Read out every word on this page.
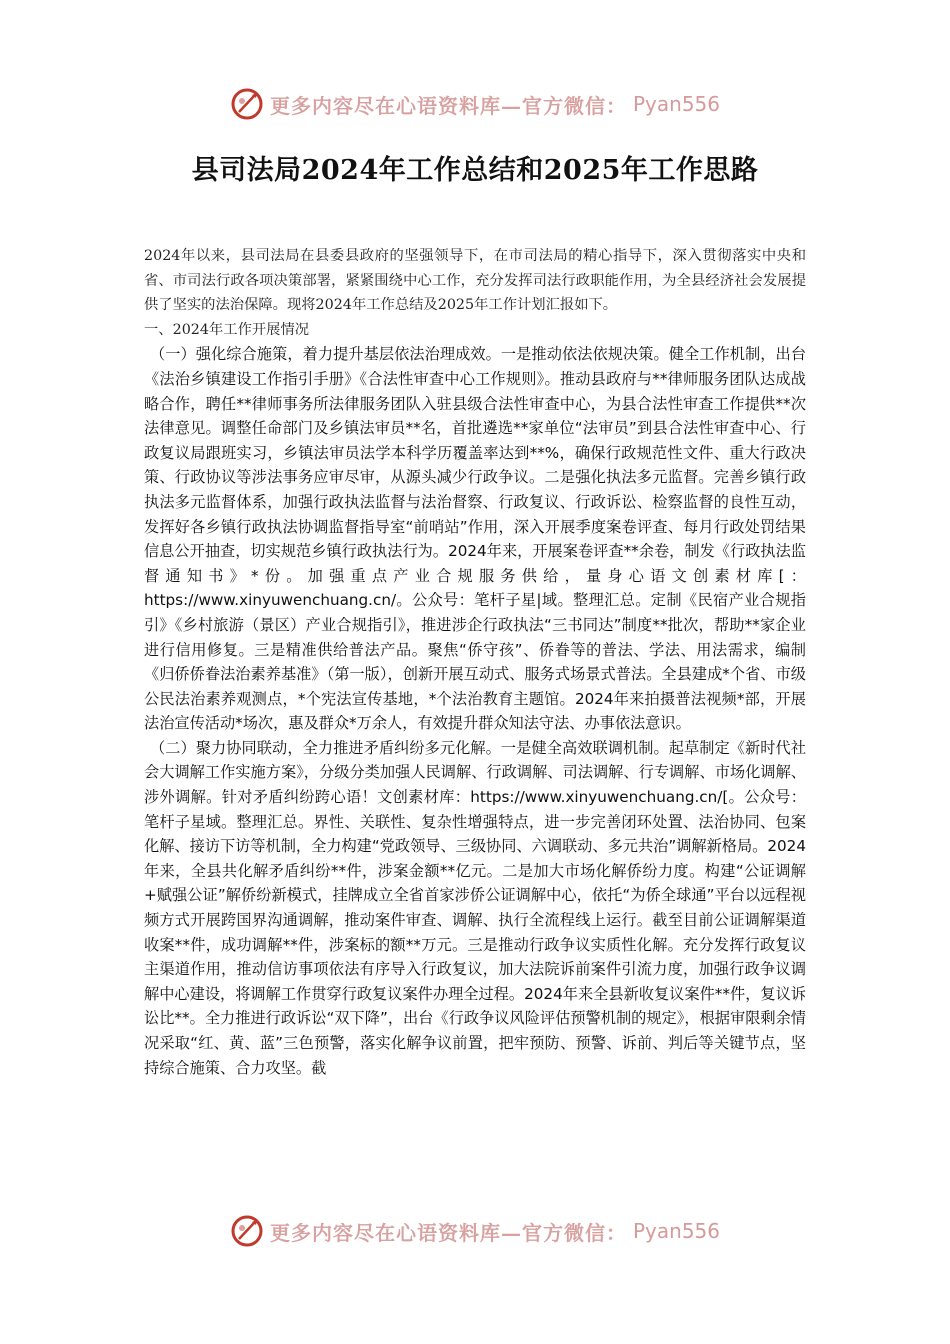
更多内容尽在心语资料库—官方微信： Pyan556
县司法局2024年工作总结和2025年工作思路

2024年以来，县司法局在县委县政府的坚强领导下，在市司法局的精心指导下，深入贯彻落实中央和省、市司法行政各项决策部署，紧紧围绕中心工作，充分发挥司法行政职能作用，为全县经济社会发展提供了坚实的法治保障。现将2024年工作总结及2025年工作计划汇报如下。

一、2024年工作开展情况

（一）强化综合施策，着力提升基层依法治理成效。一是推动依法依规决策。健全工作机制，出台《法治乡镇建设工作指引手册》《合法性审查中心工作规则》。推动县政府与**律师服务团队达成战略合作，聘任**律师事务所法律服务团队入驻县级合法性审查中心，为县合法性审查工作提供**次法律意见。调整任命部门及乡镇法审员**名，首批遴选**家单位“法审员”到县合法性审查中心、行政复议局跟班实习，乡镇法审员法学本科学历覆盖率达到**%，确保行政规范性文件、重大行政决策、行政协议等涉法事务应审尽审，从源头减少行政争议。二是强化执法多元监督。完善乡镇行政执法多元监督体系，加强行政执法监督与法治督察、行政复议、行政诉讼、检察监督的良性互动，发挥好各乡镇行政执法协调监督指导室“前哨站”作用，深入开展季度案卷评查、每月行政处罚结果信息公开抽查，切实规范乡镇行政执法行为。2024年来，开展案卷评查**余卷，制发《行政执法监督通知书》*份。加强重点产业合规服务供给，量身心语文创素材库[：https://www.xinyuwenchuang.cn/。公众号：笔杆子星|域。整理汇总。定制《民宿产业合规指引》《乡村旅游（景区）产业合规指引》，推进涉企行政执法“三书同达”制度**批次，帮助**家企业进行信用修复。三是精准供给普法产品。聚焦“侨守孩”、侨眷等的普法、学法、用法需求，编制《归侨侨眷法治素养基准》（第一版），创新开展互动式、服务式场景式普法。全县建成*个省、市级公民法治素养观测点，*个宪法宣传基地，*个法治教育主题馆。2024年来拍摄普法视频*部，开展法治宣传活动*场次，惠及群众*万余人，有效提升群众知法守法、办事依法意识。

（二）聚力协同联动，全力推进矛盾纠纷多元化解。一是健全高效联调机制。起草制定《新时代社会大调解工作实施方案》，分级分类加强人民调解、行政调解、司法调解、行专调解、市场化调解、涉外调解。针对矛盾纠纷跨心语！文创素材库：https://www.xinyuwenchuang.cn/[。公众号：笔杆子星域。整理汇总。界性、关联性、复杂性增强特点，进一步完善闭环处置、法治协同、包案化解、接访下访等机制，全力构建“党政领导、三级协同、六调联动、多元共治”调解新格局。2024年来，全县共化解矛盾纠纷**件，涉案金额**亿元。二是加大市场化解侨纷力度。构建“公证调解+赋强公证”解侨纷新模式，挂牌成立全省首家涉侨公证调解中心，依托“为侨全球通”平台以远程视频方式开展跨国界沟通调解，推动案件审查、调解、执行全流程线上运行。截至目前公证调解渠道收案**件，成功调解**件，涉案标的额**万元。三是推动行政争议实质性化解。充分发挥行政复议主渠道作用，推动信访事项依法有序导入行政复议，加大法院诉前案件引流力度，加强行政争议调解中心建设，将调解工作贯穿行政复议案件办理全过程。2024年来全县新收复议案件**件，复议诉讼比**。全力推进行政诉讼“双下降”，出台《行政争议风险评估预警机制的规定》，根据审限剩余情况采取“红、黄、蓝”三色预警，落实化解争议前置，把牢预防、预警、诉前、判后等关键节点，坚持综合施策、合力攻坚。截

更多内容尽在心语资料库—官方微信： Pyan556
